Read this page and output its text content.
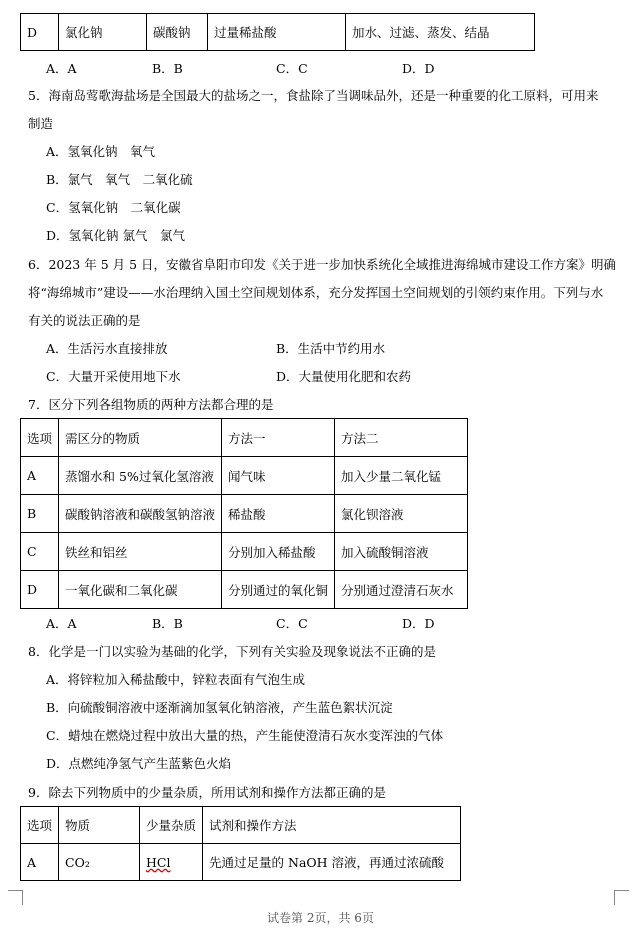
D	氯化钠	碳酸钠	过量稀盐酸	加水、过滤、蒸发、结晶
A．A	B．B	C．C	D．D
5．海南岛莺歌海盐场是全国最大的盐场之一，食盐除了当调味品外，还是一种重要的化工原料，可用来
制造
A．氢氧化钠　氧气
B．氯气　氧气　二氧化硫
C．氢氧化钠　二氧化碳
D．氢氧化钠 氯气　氯气
6．2023 年 5 月 5 日，安徽省阜阳市印发《关于进一步加快系统化全域推进海绵城市建设工作方案》明确
将“海绵城市”建设——水治理纳入国土空间规划体系，充分发挥国土空间规划的引领约束作用。下列与水
有关的说法正确的是
A．生活污水直接排放	B．生活中节约用水
C．大量开采使用地下水	D．大量使用化肥和农药
7．区分下列各组物质的两种方法都合理的是
选项	需区分的物质	方法一	方法二
A	蒸馏水和 5%过氧化氢溶液	闻气味	加入少量二氧化锰
B	碳酸钠溶液和碳酸氢钠溶液	稀盐酸	氯化钡溶液
C	铁丝和铝丝	分别加入稀盐酸	加入硫酸铜溶液
D	一氧化碳和二氧化碳	分别通过的氧化铜	分别通过澄清石灰水
A．A	B．B	C．C	D．D
8．化学是一门以实验为基础的化学，下列有关实验及现象说法不正确的是
A．将锌粒加入稀盐酸中，锌粒表面有气泡生成
B．向硫酸铜溶液中逐渐滴加氢氧化钠溶液，产生蓝色絮状沉淀
C．蜡烛在燃烧过程中放出大量的热，产生能使澄清石灰水变浑浊的气体
D．点燃纯净氢气产生蓝紫色火焰
9．除去下列物质中的少量杂质，所用试剂和操作方法都正确的是
选项	物质	少量杂质	试剂和操作方法
A	CO₂	HCl	先通过足量的 NaOH 溶液，再通过浓硫酸
试卷第 2页，共 6页
